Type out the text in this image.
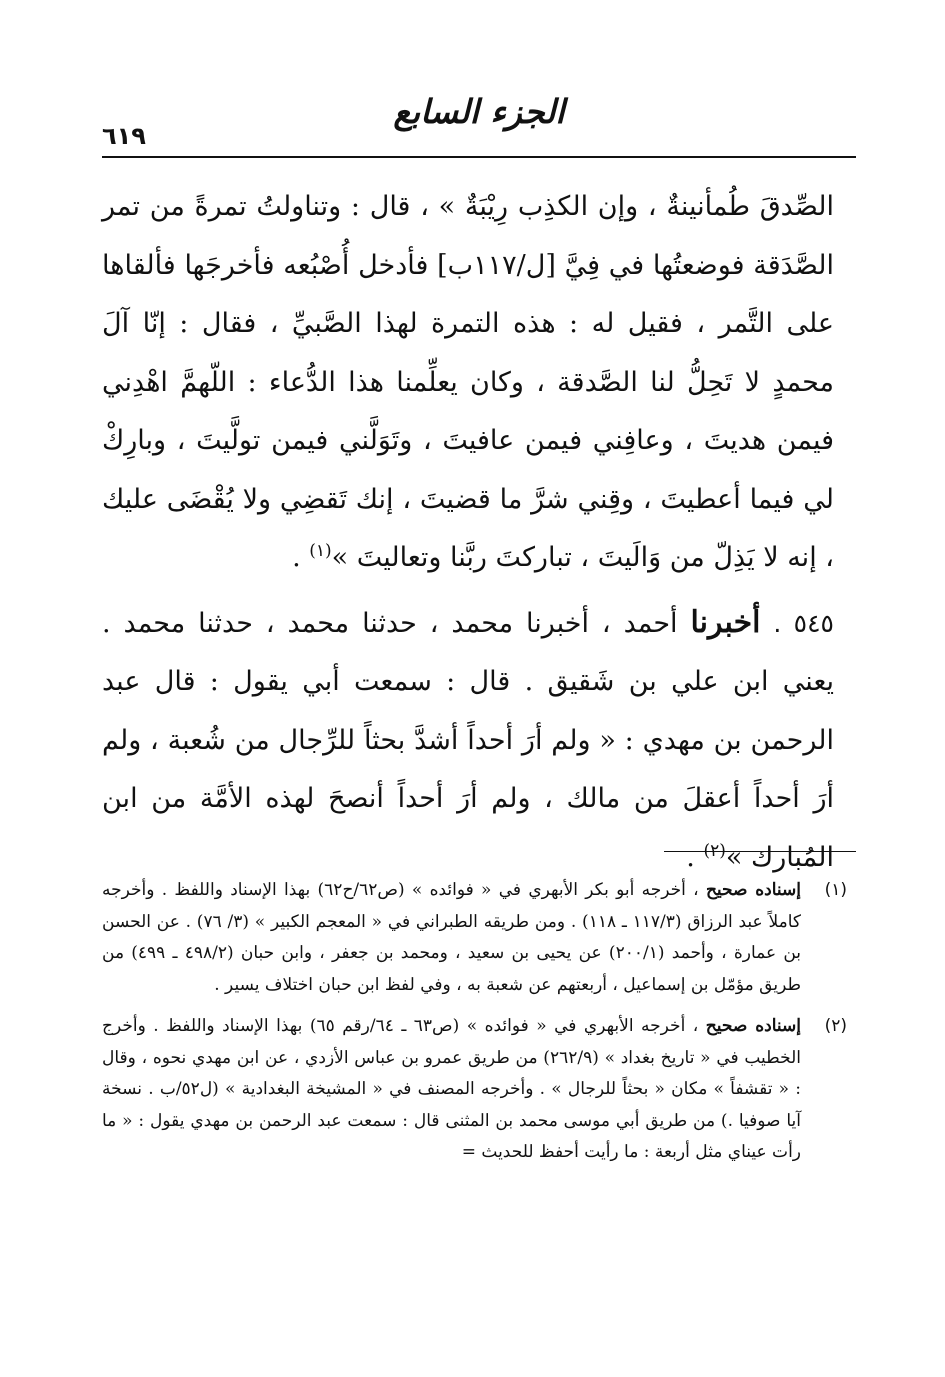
٦١٩
الجزء السابع

الصِّدقَ طُمأنينةٌ ، وإن الكذِب رِيْبَةٌ » ، قال : وتناولتُ تمرةً من تمر الصَّدَقة فوضعتُها في فِيَّ [ل/١١٧ب] فأدخل أُصْبُعه فأخرجَها فألقاها على التَّمر ، فقيل له : هذه التمرة لهذا الصَّبيِّ ، فقال : إنّا آلَ محمدٍ لا تَحِلُّ لنا الصَّدقة ، وكان يعلِّمنا هذا الدُّعاء : اللّهمَّ اهْدِني فيمن هديتَ ، وعافِني فيمن عافيتَ ، وتَوَلَّني فيمن تولَّيتَ ، وبارِكْ لي فيما أعطيتَ ، وقِني شرَّ ما قضيتَ ، إنك تَقضِي ولا يُقْضَى عليك ، إنه لا يَذِلّ من وَالَيتَ ، تباركتَ ربَّنا وتعاليتَ »$^{(١)}$ .

٥٤٥ . أخبرنا أحمد ، أخبرنا محمد ، حدثنا محمد ، حدثنا محمد . يعني ابن علي بن شَقيق . قال : سمعت أبي يقول : قال عبد الرحمن بن مهدي : « ولم أرَ أحداً أشدَّ بحثاً للرِّجال من شُعبة ، ولم أرَ أحداً أعقلَ من مالك ، ولم أرَ أحداً أنصحَ لهذه الأمَّة من ابن المُبارك »$^{(٢)}$ .

(١)
إسناده صحيح ، أخرجه أبو بكر الأبهري في « فوائده » (ص٦٢/ح٦٢) بهذا الإسناد واللفظ . وأخرجه كاملاً عبد الرزاق (١١٧/٣ ـ ١١٨) . ومن طريقه الطبراني في « المعجم الكبير » (٣/ ٧٦) . عن الحسن بن عمارة ، وأحمد (٢٠٠/١) عن يحيى بن سعيد ، ومحمد بن جعفر ، وابن حبان (٤٩٨/٢ ـ ٤٩٩) من طريق مؤمّل بن إسماعيل ، أربعتهم عن شعبة به ، وفي لفظ ابن حبان اختلاف يسير .
(٢)
إسناده صحيح ، أخرجه الأبهري في « فوائده » (ص٦٣ ـ ٦٤/رقم ٦٥) بهذا الإسناد واللفظ . وأخرج الخطيب في « تاريخ بغداد » (٢٦٢/٩) من طريق عمرو بن عباس الأزدي ، عن ابن مهدي نحوه ، وقال : « تقشفاً » مكان « بحثاً للرجال » . وأخرجه المصنف في « المشيخة البغدادية » (ل٥٢/ب . نسخة آيا صوفيا .) من طريق أبي موسى محمد بن المثنى قال : سمعت عبد الرحمن بن مهدي يقول : « ما رأت عيناي مثل أربعة : ما رأيت أحفظ للحديث =
